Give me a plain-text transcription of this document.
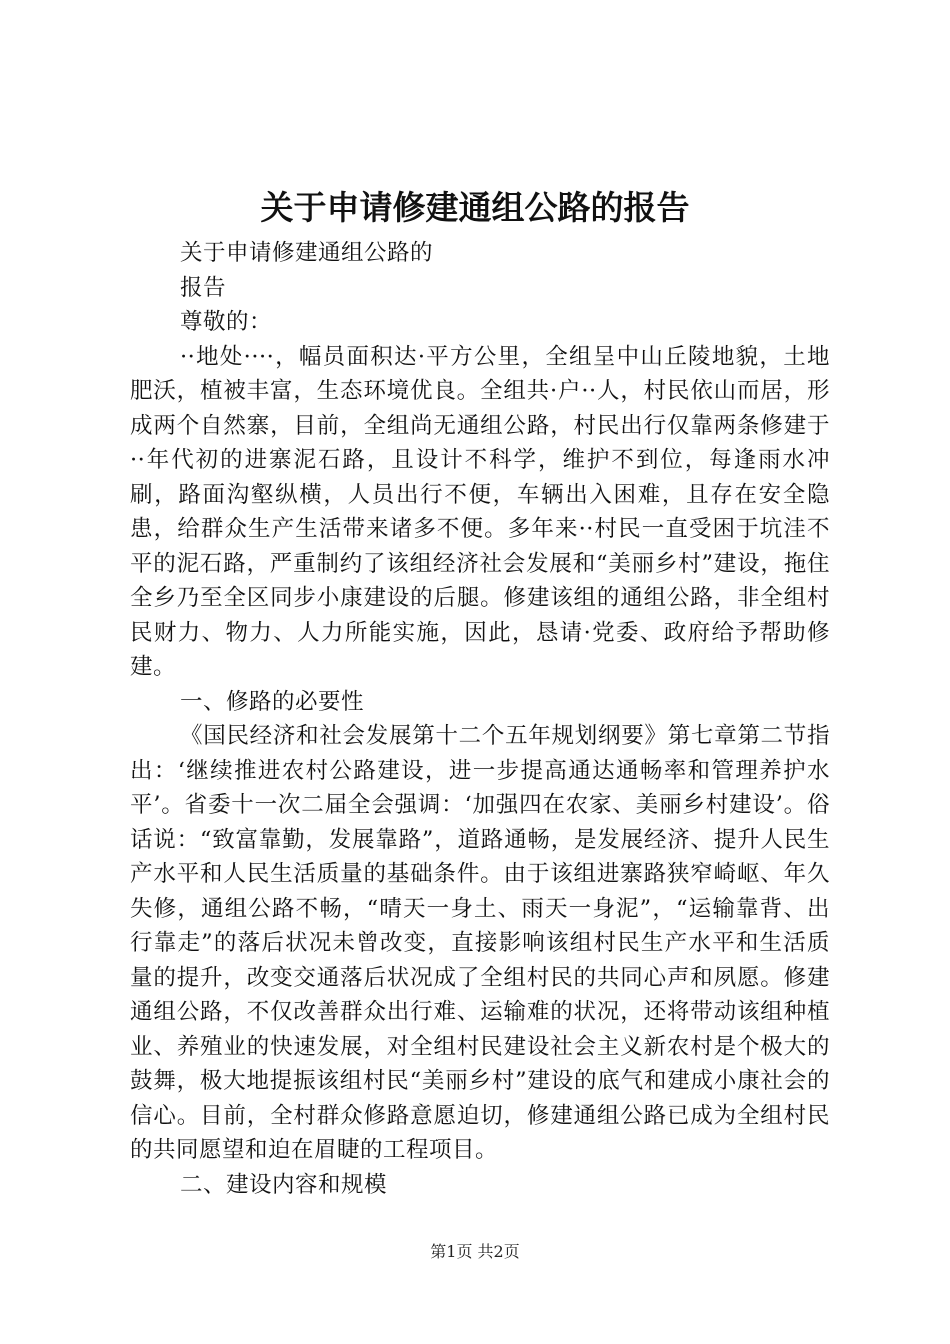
关于申请修建通组公路的报告

关于申请修建通组公路的

报告

尊敬的：

··地处····，幅员面积达·平方公里，全组呈中山丘陵地貌，土地肥沃，植被丰富，生态环境优良。全组共·户··人，村民依山而居，形成两个自然寨，目前，全组尚无通组公路，村民出行仅靠两条修建于··年代初的进寨泥石路，且设计不科学，维护不到位，每逢雨水冲刷，路面沟壑纵横，人员出行不便，车辆出入困难，且存在安全隐患，给群众生产生活带来诸多不便。多年来··村民一直受困于坑洼不平的泥石路，严重制约了该组经济社会发展和“美丽乡村”建设，拖住全乡乃至全区同步小康建设的后腿。修建该组的通组公路，非全组村民财力、物力、人力所能实施，因此，恳请·党委、政府给予帮助修建。

一、修路的必要性

《国民经济和社会发展第十二个五年规划纲要》第七章第二节指出：‘继续推进农村公路建设，进一步提高通达通畅率和管理养护水平’。省委十一次二届全会强调：‘加强四在农家、美丽乡村建设’。俗话说：“致富靠勤，发展靠路”，道路通畅，是发展经济、提升人民生产水平和人民生活质量的基础条件。由于该组进寨路狭窄崎岖、年久失修，通组公路不畅，“晴天一身土、雨天一身泥”，“运输靠背、出行靠走”的落后状况未曾改变，直接影响该组村民生产水平和生活质量的提升，改变交通落后状况成了全组村民的共同心声和夙愿。修建通组公路，不仅改善群众出行难、运输难的状况，还将带动该组种植业、养殖业的快速发展，对全组村民建设社会主义新农村是个极大的鼓舞，极大地提振该组村民“美丽乡村”建设的底气和建成小康社会的信心。目前，全村群众修路意愿迫切，修建通组公路已成为全组村民的共同愿望和迫在眉睫的工程项目。

二、建设内容和规模

第1页 共2页
